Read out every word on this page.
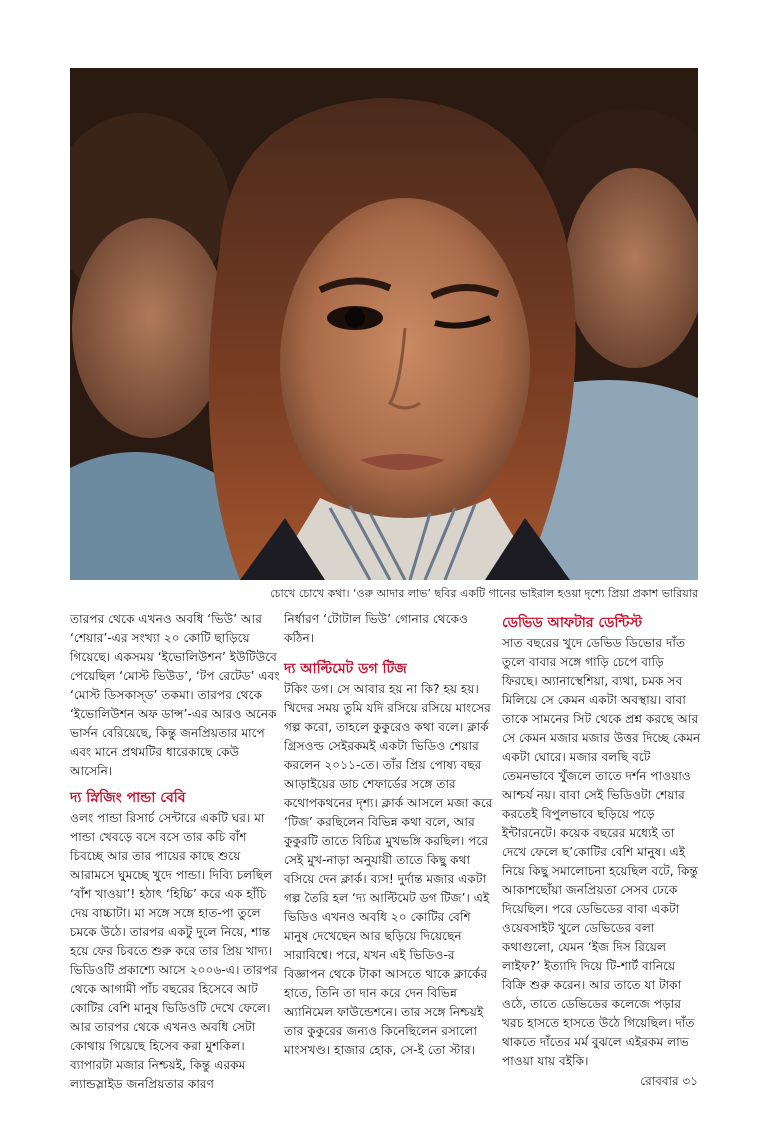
চোখে চোখে কথা। ‘ওরু আদার লাভ’ ছবির একটি গানের ভাইরাল হওয়া দৃশ্যে প্রিয়া প্রকাশ ভারিয়ার

তারপর থেকে এখনও অবধি ‘ভিউ’ আর ‘শেয়ার’-এর সংখ্যা ২০ কোটি ছাড়িয়ে গিয়েছে। একসময় ‘ইভোলিউশন’ ইউটিউবে পেয়েছিল ‘মোস্ট ভিউড’, ‘টপ রেটেড’ এবং ‘মোস্ট ডিসকাস্‌ড’ তকমা। তারপর থেকে ‘ইভোলিউশন অফ ডান্স’-এর আরও অনেক ভার্সন বেরিয়েছে, কিন্তু জনপ্রিয়তার মাপে এবং মানে প্রথমটির ধারেকাছে কেউ আসেনি।

দ্য স্নিজিং পান্ডা বেবি

ওলং পান্ডা রিসার্চ সেন্টারে একটি ঘর। মা পান্ডা খেবড়ে বসে বসে তার কচি বাঁশ চিবচ্ছে আর তার পায়ের কাছে শুয়ে আরামসে ঘুমচ্ছে খুদে পান্ডা। দিব্যি চলছিল ‘বাঁশ খাওয়া’! হঠাৎ ‘হিচ্চি’ করে এক হাঁচি দেয় বাচ্চাটা। মা সঙ্গে সঙ্গে হাত-পা তুলে চমকে উঠে। তারপর একটু দুলে নিয়ে, শান্ত হয়ে ফের চিবতে শুরু করে তার প্রিয় খাদ্য। ভিডিওটি প্রকাশ্যে আসে ২০০৬-এ। তারপর থেকে আগামী পাঁচ বছরের হিসেবে আট কোটির বেশি মানুষ ভিডিওটি দেখে ফেলে। আর তারপর থেকে এখনও অবধি সেটা কোথায় গিয়েছে হিসেব করা মুশকিল। ব্যাপারটা মজার নিশ্চয়ই, কিন্তু এরকম ল্যান্ডস্লাইড জনপ্রিয়তার কারণ

নির্ধারণ ‘টোটাল ভিউ’ গোনার থেকেও কঠিন।

দ্য আল্টিমেট ডগ টিজ

টকিং ডগ। সে আবার হয় না কি? হয় হয়। খিদের সময় তুমি যদি রসিয়ে রসিয়ে মাংসের গল্প করো, তাহলে কুকুরেও কথা বলে। ক্লার্ক গ্রিসওল্ড সেইরকমই একটা ভিডিও শেয়ার করলেন ২০১১-তে। তাঁর প্রিয় পোষ্য বছর আড়াইয়ের ডাচ শেফার্ডের সঙ্গে তার কথোপকথনের দৃশ্য। ক্লার্ক আসলে মজা করে ‘টিজ’ করছিলেন বিভিন্ন কথা বলে, আর কুকুরটি তাতে বিচিত্র মুখভঙ্গি করছিল। পরে সেই মুখ-নাড়া অনুযায়ী তাতে কিছু কথা বসিয়ে দেন ক্লার্ক। ব্যস! দুর্দান্ত মজার একটা গল্প তৈরি হল ‘দ্য আল্টিমেট ডগ টিজ’। এই ভিডিও এখনও অবধি ২০ কোটির বেশি মানুষ দেখেছেন আর ছড়িয়ে দিয়েছেন সারাবিশ্বে। পরে, যখন এই ভিডিও-র বিজ্ঞাপন থেকে টাকা আসতে থাকে ক্লার্কের হাতে, তিনি তা দান করে দেন বিভিন্ন অ্যানিমেল ফাউন্ডেশনে। তার সঙ্গে নিশ্চয়ই তার কুকুরের জন্যও কিনেছিলেন রসালো মাংসখণ্ড। হাজার হোক, সে-ই তো স্টার।

ডেভিড আফটার ডেন্টিস্ট

সাত বছরের খুদে ডেভিড ডিভোর দাঁত তুলে বাবার সঙ্গে গাড়ি চেপে বাড়ি ফিরছে। অ্যানাস্থেশিয়া, ব্যথা, চমক সব মিলিয়ে সে কেমন একটা অবস্থায়। বাবা তাকে সামনের সিট থেকে প্রশ্ন করছে আর সে কেমন মজার মজার উত্তর দিচ্ছে কেমন একটা ঘোরে। মজার বলছি বটে তেমনভাবে খুঁজলে তাতে দর্শন পাওয়াও আশ্চর্য নয়। বাবা সেই ভিডিওটা শেয়ার করতেই বিপুলভাবে ছড়িয়ে পড়ে ইন্টারনেটে। কয়েক বছরের মধ্যেই তা দেখে ফেলে ছ’কোটির বেশি মানুষ। এই নিয়ে কিছু সমালোচনা হয়েছিল বটে, কিন্তু আকাশছোঁয়া জনপ্রিয়তা সেসব ঢেকে দিয়েছিল। পরে ডেভিডের বাবা একটা ওয়েবসাইট খুলে ডেভিডের বলা কথাগুলো, যেমন ‘ইজ দিস রিয়েল লাইফ?’ ইত্যাদি দিয়ে টি-শার্ট বানিয়ে বিক্রি শুরু করেন। আর তাতে যা টাকা ওঠে, তাতে ডেভিডের কলেজে পড়ার খরচ হাসতে হাসতে উঠে গিয়েছিল। দাঁত থাকতে দাঁতের মর্ম বুঝলে এইরকম লাভ পাওয়া যায় বইকি।

রোববার ৩১
